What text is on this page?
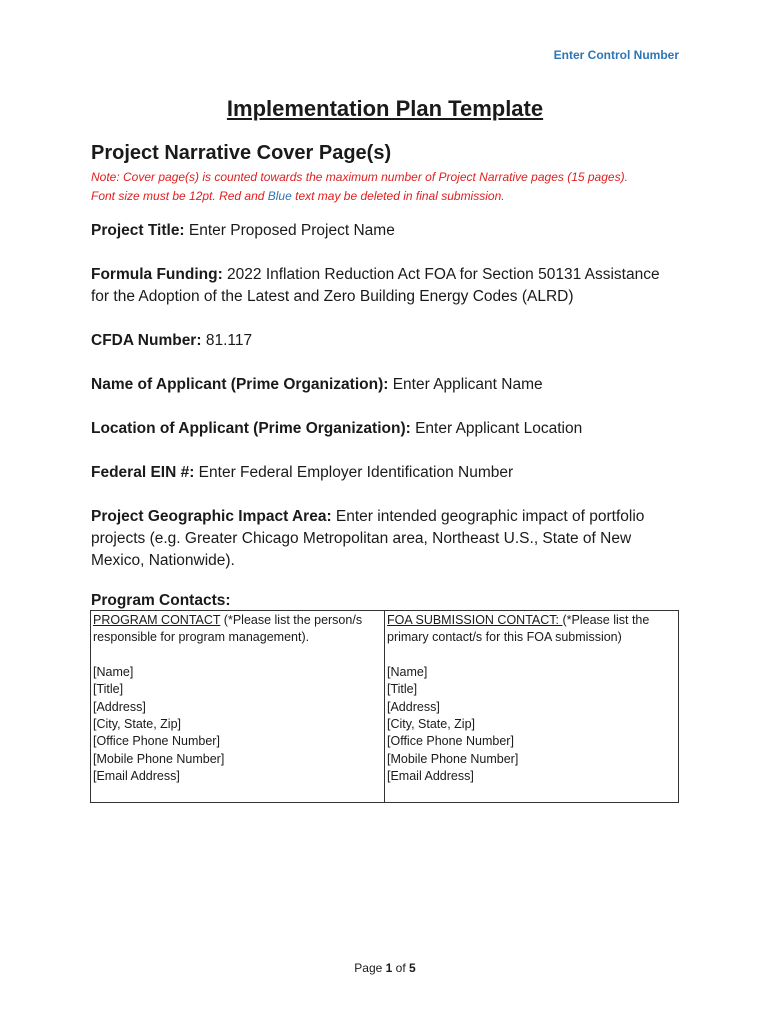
Enter Control Number
Implementation Plan Template
Project Narrative Cover Page(s)
Note: Cover page(s) is counted towards the maximum number of Project Narrative pages (15 pages).
Font size must be 12pt. Red and Blue text may be deleted in final submission.

Project Title: Enter Proposed Project Name

Formula Funding: 2022 Inflation Reduction Act FOA for Section 50131 Assistance for the Adoption of the Latest and Zero Building Energy Codes (ALRD)

CFDA Number: 81.117

Name of Applicant (Prime Organization): Enter Applicant Name

Location of Applicant (Prime Organization): Enter Applicant Location

Federal EIN #: Enter Federal Employer Identification Number

Project Geographic Impact Area: Enter intended geographic impact of portfolio projects (e.g. Greater Chicago Metropolitan area, Northeast U.S., State of New Mexico, Nationwide).

Program Contacts:
PROGRAM CONTACT (*Please list the person/s responsible for program management).
[Name]
[Title]
[Address]
[City, State, Zip]
[Office Phone Number]
[Mobile Phone Number]
[Email Address]
	FOA SUBMISSION CONTACT: (*Please list the primary contact/s for this FOA submission)
[Name]
[Title]
[Address]
[City, State, Zip]
[Office Phone Number]
[Mobile Phone Number]
[Email Address]
Page 1 of 5
